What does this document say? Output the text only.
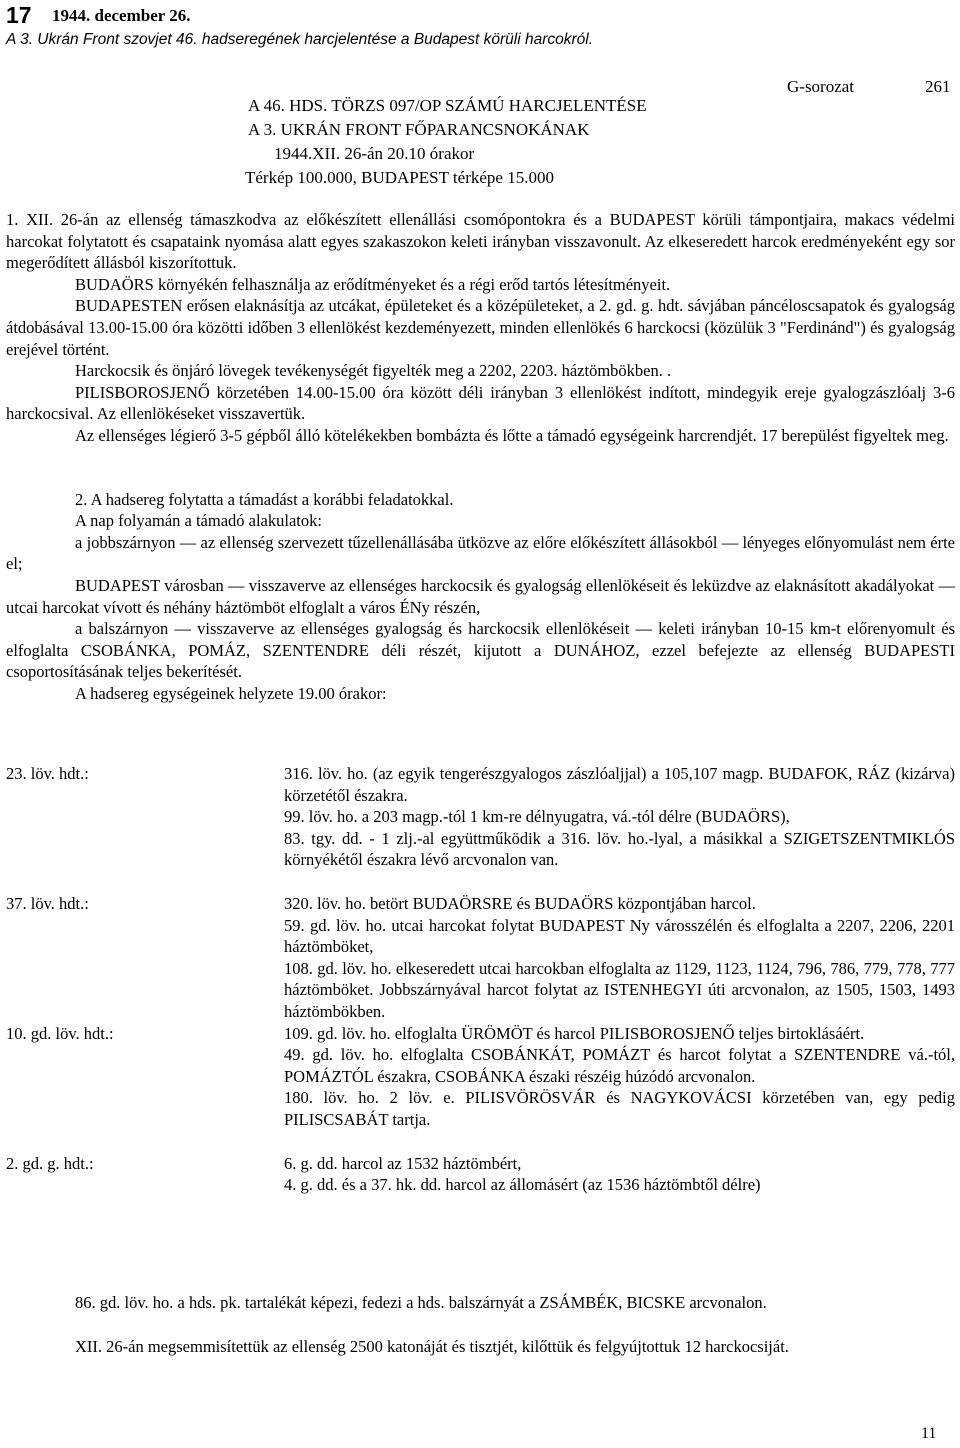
17 1944. december 26.
A 3. Ukrán Front szovjet 46. hadseregének harcjelentése a Budapest körüli harcokról.
G-sorozat	261
A 46. HDS. TÖRZS 097/OP SZÁMÚ HARCJELENTÉSE
A 3. UKRÁN FRONT FŐPARANCSNOKÁNAK
1944.XII. 26-án 20.10 órakor
Térkép 100.000, BUDAPEST térképe 15.000

1. XII. 26-án az ellenség támaszkodva az előkészített ellenállási csomópontokra és a BUDAPEST körüli támpontjaira, makacs védelmi harcokat folytatott és csapataink nyomása alatt egyes szakaszokon keleti irányban visszavonult. Az elkeseredett harcok eredményeként egy sor megerődített állásból kiszorítottuk.

BUDAÖRS környékén felhasználja az erődítményeket és a régi erőd tartós létesítményeit.

BUDAPESTEN erősen elaknásítja az utcákat, épületeket és a középületeket, a 2. gd. g. hdt. sávjában páncéloscsapatok és gyalogság átdobásával 13.00-15.00 óra közötti időben 3 ellenlökést kezdeményezett, minden ellenlökés 6 harckocsi (közülük 3 "Ferdinánd") és gyalogság erejével történt.

Harckocsik és önjáró lövegek tevékenységét figyelték meg a 2202, 2203. háztömbökben. .

PILISBOROSJENŐ körzetében 14.00-15.00 óra között déli irányban 3 ellenlökést indított, mindegyik ereje gyalogzászlóalj 3-6 harckocsival. Az ellenlökéseket visszavertük.

Az ellenséges légierő 3-5 gépből álló kötelékekben bombázta és lőtte a támadó egységeink harcrendjét. 17 berepülést figyeltek meg.

2. A hadsereg folytatta a támadást a korábbi feladatokkal.

A nap folyamán a támadó alakulatok:

a jobbszárnyon — az ellenség szervezett tűzellenállásába ütközve az előre előkészített állásokból — lényeges előnyomulást nem érte el;

BUDAPEST városban — visszaverve az ellenséges harckocsik és gyalogság ellenlökéseit és leküzdve az elaknásított akadályokat — utcai harcokat vívott és néhány háztömböt elfoglalt a város ÉNy részén,

a balszárnyon — visszaverve az ellenséges gyalogság és harckocsik ellenlökéseit — keleti irányban 10-15 km-t előrenyomult és elfoglalta CSOBÁNKA, POMÁZ, SZENTENDRE déli részét, kijutott a DUNÁHOZ, ezzel befejezte az ellenség BUDAPESTI csoportosításának teljes bekerítését.

A hadsereg egységeinek helyzete 19.00 órakor:

23. löv. hdt.:	316. löv. ho. (az egyik tengerészgyalogos zászlóaljjal) a 105,107 magp. BUDAFOK, RÁZ (kizárva) körzetétől északra.

99. löv. ho. a 203 magp.-tól 1 km-re délnyugatra, vá.-tól délre (BUDAÖRS),

83. tgy. dd. - 1 zlj.-al együttműködik a 316. löv. ho.-lyal, a másikkal a SZIGETSZENTMIKLÓS környékétől északra lévő arcvonalon van.

37. löv. hdt.:	320. löv. ho. betört BUDAÖRSRE és BUDAÖRS központjában harcol.

59. gd. löv. ho. utcai harcokat folytat BUDAPEST Ny városszélén és elfoglalta a 2207, 2206, 2201 háztömböket,

108. gd. löv. ho. elkeseredett utcai harcokban elfoglalta az 1129, 1123, 1124, 796, 786, 779, 778, 777 háztömböket. Jobbszárnyával harcot folytat az ISTENHEGYI úti arcvonalon, az 1505, 1503, 1493 háztömbökben.

10. gd. löv. hdt.:	109. gd. löv. ho. elfoglalta ÜRÖMÖT és harcol PILISBOROSJENŐ teljes birtoklásáért.

49. gd. löv. ho. elfoglalta CSOBÁNKÁT, POMÁZT és harcot folytat a SZENTENDRE vá.-tól, POMÁZTÓL északra, CSOBÁNKA északi részéig húzódó arcvonalon.

180. löv. ho. 2 löv. e. PILISVÖRÖSVÁR és NAGYKOVÁCSI körzetében van, egy pedig PILISCSABÁT tartja.

2. gd. g. hdt.:	6. g. dd. harcol az 1532 háztömbért,

4. g. dd. és a 37. hk. dd. harcol az állomásért (az 1536 háztömbtől délre)

86. gd. löv. ho. a hds. pk. tartalékát képezi, fedezi a hds. balszárnyát a ZSÁMBÉK, BICSKE arcvonalon.
XII. 26-án megsemmisítettük az ellenség 2500 katonáját és tisztjét, kilőttük és felgyújtottuk 12 harckocsiját.
11
